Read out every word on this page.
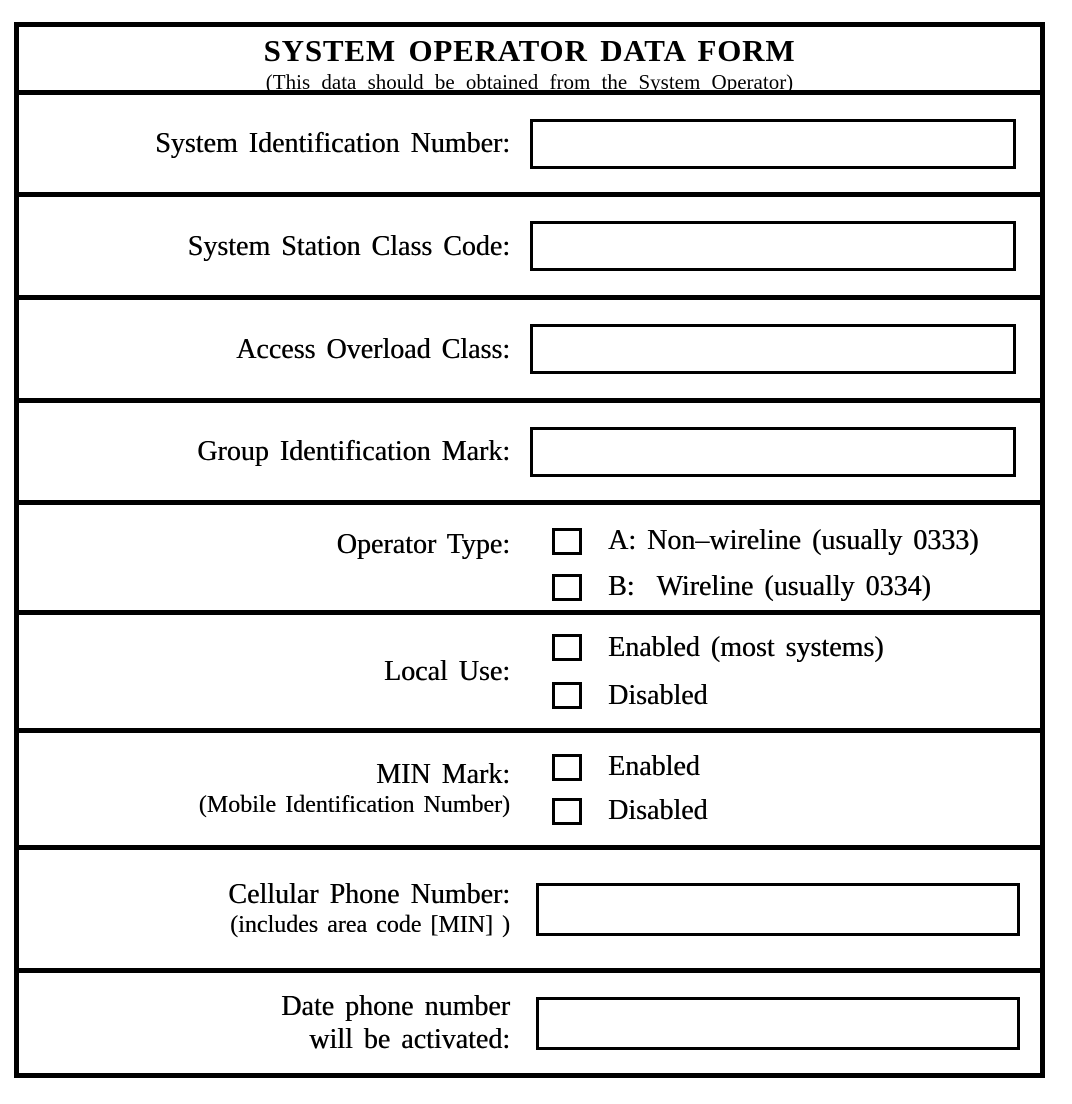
SYSTEM OPERATOR DATA FORM
(This data should be obtained from the System Operator)
System Identification Number:
System Station Class Code:
Access Overload Class:
Group Identification Mark:
Operator Type:	A: Non–wireline (usually 0333)
B:  Wireline (usually 0334)
Local Use:
Enabled (most systems)
Disabled
MIN Mark:
(Mobile Identification Number)
Enabled
Disabled
Cellular Phone Number:
(includes area code [MIN] )
Date phone number
will be activated:
